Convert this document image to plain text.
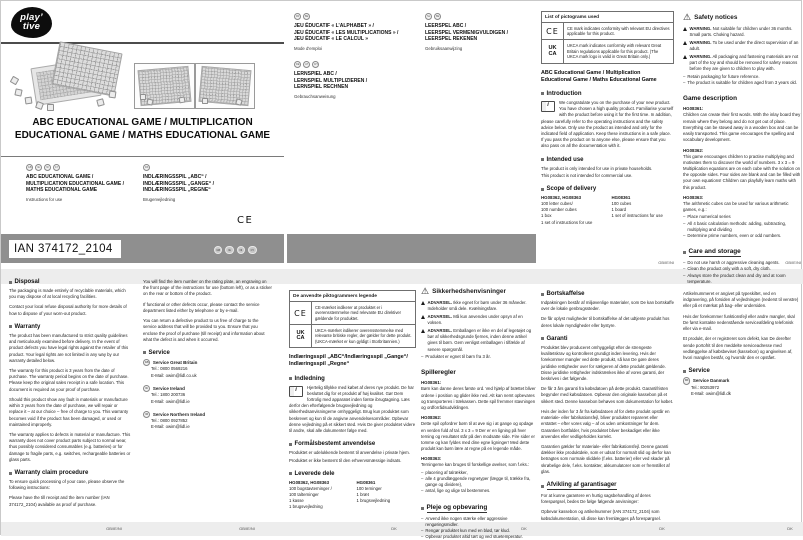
play’
tive
ABC EDUCATIONAL GAME / MULTIPLICATION
EDUCATIONAL GAME / MATHS EDUCATIONAL GAME
GB	IE	NI	CY
ABC EDUCATIONAL GAME /
MULTIPLICATION EDUCATIONAL GAME /
MATHS EDUCATIONAL GAME
Instructions for use
DK
INDLÆRINGSSPIL „ABC“ /
INDLÆRINGSSPIL „GANGE“ /
INDLÆRINGSSPIL „REGNE“
Brugervejledning
CE
IAN 374172_2104	GB	IE	NI	CY
Disposal

The packaging is made entirely of recyclable materials, which you may dispose of at local recycling facilities.

Contact your local refuse disposal authority for more details of how to dispose of your worn-out product.

Warranty

The product has been manufactured to strict quality guidelines and meticulously examined before delivery. In the event of product defects you have legal rights against the retailer of this product. Your legal rights are not limited in any way by our warranty detailed below.

The warranty for this product is 3 years from the date of purchase. The warranty period begins on the date of purchase. Please keep the original sales receipt in a safe location. This document is required as your proof of purchase.

Should this product show any fault in materials or manufacture within 3 years from the date of purchase, we will repair or replace it – at our choice – free of charge to you. This warranty becomes void if the product has been damaged, or used or maintained improperly.

The warranty applies to defects in material or manufacture. This warranty does not cover product parts subject to normal wear, thus possibly considered consumables (e.g. batteries) or for damage to fragile parts, e.g. switches, rechargeable batteries or glass parts.

Warranty claim procedure

To ensure quick processing of your case, please observe the following instructions:

Please have the till receipt and the item number (IAN 374172_2104) available as proof of purchase.

You will find the item number on the rating plate, an engraving on the front page of the instructions for use (bottom left), or as a sticker on the rear or bottom of the product.

If functional or other defects occur, please contact the service department listed either by telephone or by e-mail.

You can return a defective product to us free of charge to the service address that will be provided to you. Ensure that you enclose the proof of purchase (till receipt) and information about what the defect is and when it occurred.

Service
GB Service Great Britain
Tel.: 0800 0569216
E-Mail: owim@lidl.co.uk
IE	Service Ireland
Tel.: 1800 200736
E-Mail: owim@lidl.ie
NI	Service Northern Ireland
Tel.: 0800 0927852
E-Mail: owim@lidl.ie
FR	BE
JEU ÉDUCATIF « L’ALPHABET » /
JEU ÉDUCATIF « LES MULTIPLICATIONS » /
JEU ÉDUCATIF « LE CALCUL »
Mode d’emploi
DE	AT	CH
LERNSPIEL ABC /
LERNSPIEL MULTIPLIZIEREN /
LERNSPIEL RECHNEN
Gebrauchsanweisung
NL	BE
LEERSPEL ABC /
LEERSPEL VERMENIGVULDIGEN /
LEERSPEL REKENEN
Gebruiksaanwijzing
De anvendte piktogrammers legende
CE
CE-mærket indikerer at produktet er i overensstemmelse med relevante EU direktiver gældende for produktet.
UK
CA
UKCA-mærket indikerer overensstemmelse med relevante britiske regler, der gælder for dette produkt. (UKCA-mærket er kun gyldigt i Storbritannien.)
Indlæringsspil „ABC“/Indlæringsspil „Gange“/
Indlæringsspil „Regne“
Indledning

i
Hjertelig tillykke med købet af deres nye produkt. De har besluttet dig for et produkt af høj kvalitet. Gør Dem fortrolig med apparatet inden første ibrugtagning. Læs derfor den efterfølgende brugsvejledning og sikkerhedsanvisningerne omhyggeligt. Brug kun produktet som beskrevet og kun til de angivne anvendelsesområder. Opbevar denne vejledning på et sikkert sted. Hvis De giver produktet videre til andre, skal alle dokumenter følge med.

Formålsbestemt anvendelse

Produktet er udelukkende bestemt til anvendelse i private hjem.

Produktet er ikke bestemt til den erhvervsmæssige indsats.

Leverede dele
HG08362, HG08363
100 bogstavterninger /
100 talterninger
1 kasse
1 brugsvejledning
HG08361
100 terninger
1 bræt
1 brugsvejledning
⚠ Sikkerhedshenvisninger
ADVARSEL. Ikke egnet for børn under 36 måneder. Indeholder små dele. Kvælningsfare.
ADVARSEL. Må kun anvendes under opsyn af en voksen.
ADVARSEL. Emballagen er ikke en del af legetøjet og bør af sikkerhedsgrunde fjernes, inden denne artikel gives til børn. Gem venligst emballagen i tilfælde af senere spørgsmål.
– Produktet er egnet til børn fra 3 år.
Spilleregler
HG08361:

Børn kan danne deres første ord. Ved hjælp af brættet bliver ordene i position og glider ikke ned. Alt kan nemt opbevares og transporteres i trækassen. Dette spil fremmer stavningen og ordforrådsudviklingen.

HG08362:

Dette spil opfordrer børn til at øve sig i at gange og opdage en verden fuld af tal. 3 x 3 = 9 Der er en ligning på hver terning og resultatet står på den modsatte side. Fire sider er tomme og kan fyldes med dine egne ligninger! Med dette produkt kan børn lære at regne på en legende måde.

HG08363:

Terningerne kan bruges til forskellige øvelser, som f.eks.:

– placering af talrækker,
– alle 4 grundlæggende regnetyper (lægge til, trække fra, gange og dividere),
– antal, lige og ulige tal bestemmes.
Pleje og opbevaring
– Anvend ikke nogen stærke eller aggressive rengøringsmidler.
– Rengør produktet kun med en blød, tør klud.
– Opbevar produktet altid tørt og ved stuetemperatur.
List of pictograms used
CE	CE mark indicates conformity with relevant EU directives applicable for this product.
UK
CA
UKCA mark indicates conformity with relevant Great Britain regulations applicable for this product. (The UKCA mark logo is valid in Great Britain only.)
ABC Educational Game / Multiplication
Educational Game / Maths Educational Game
Introduction

i
We congratulate you on the purchase of your new product. You have chosen a high quality product. Familiarise yourself with the product before using it for the first time. In addition, please carefully refer to the operating instructions and the safety advice below. Only use the product as intended and only for the indicated field of application. Keep these instructions in a safe place. If you pass the product on to anyone else, please ensure that you also pass on all the documentation with it.

Intended use

The product is only intended for use in private households.

This product is not intended for commercial use.

Scope of delivery
HG08362, HG08363
100 letter cubes/
100 number cubes
1 box
1 set of instructions for use
HG08361
100 cubes
1 board
1 set of instructions for use
⚠ Safety notices
WARNING. Not suitable for children under 36 months. Small parts. Choking hazard.
WARNING. To be used under the direct supervision of an adult.
WARNING. All packaging and fastening materials are not part of the toy and should be removed for safety reasons before they are given to children to play with.
– Retain packaging for future reference.
– The product is suitable for children aged from 3 years old.
Game description
HG08361:

Children can create their first words. With the inlay board they remain where they belong and do not get out of place. Everything can be stowed away in a wooden box and can be easily transported. This game encourages the spelling and vocabulary development.

HG08362:

This game encourages children to practise multiplying and motivates them to discover the world of numbers. 3 x 3 = 9 Multiplication equations are on each cube with the solution on the opposite sides. Four sides are blank and can be filled with your own equations! Children can playfully learn maths with this product.

HG08363:

The arithmetic cubes can be used for various arithmetic games, e.g.:

– Place numerical series
– All 4 basic calculation methods: adding, subtracting, multiplying and dividing
– Determine prime numbers, even or odd numbers.
Care and storage
– Do not use harsh or aggressive cleaning agents.
– Clean the product only with a soft, dry cloth.
– Always store the product clean and dry and at room temperature.
Bortskaffelse

Indpakningen består af miljøvenlige materialer, som De kan bortskaffe over de lokale genbrugssteder.

De får oplyst muligheder til bortskaffelse af det udtjente produkt hos deres lokale myndigheder eller bystyre.

Garanti

Produktet blev produceret omhyggeligt efter de strengeste kvalitetskrav og kontrolleret grundigt inden levering. Hvis der forekommer mangler ved dette produkt, så kan De gøre deres juridiske rettigheder over for sælgeren af dette produkt gældende. Disse juridiske rettigheder indskrænkes ikke af vores garanti, der beskrives i det følgende.

De får 3 års garanti fra købsdatoen på dette produkt. Garantifristen begynder med købsdatoen. Opbevar den originale kassebon på et sikkert sted. Denne kassebon behøves som dokumentation for købet.

Hvis der inden for 3 år fra købsdatoen af for dette produkt opstår en materiale- eller fabrikationsfejl, bliver produktet repareret eller erstattet – efter vores valg – af os uden omkostninger for dem. Garantien bortfalder, hvis produktet bliver beskadiget eller ikke anvendes eller vedligeholdes korrekt.

Garantien gælder for materiale- eller fabrikationsfejl. Denne garanti dækker ikke produktdele, som er udsat for normalt slid og derfor kan betragtes som normale sliddele (f.eks. batterier) eller ved skader på skrøbelige dele, f.eks. kontakter, akkumulatorer som er fremstillet af glas.

Afvikling af garantisager

For at kunne garantere en hurtig sagsbehandling af deres forespørgsel, bedes De følge følgende anvisninger:

Opbevar kassebon og artikelnummer (IAN 374172_2104) som købsdokumentation, så disse kan fremlægges på forespørgsel.

Artikelnummeret er angivet på typeskiltet, ved en indgravering, på forsiden af vejledningen (nederst til venstre) eller på et mærkat på bag- eller undersiden.

Hvis der forekommer funktionsfejl eller andre mangler, skal De først kontakte nedenstående serviceafdeling telefonisk eller via e-mail.

Et produkt, der er registreret som defekt, kan De derefter sende portofrit til den meddelte serviceadresse med vedlæggelse af købsbeviset (kassebon) og angivelsen af, hvori manglen består, og hvornår den er opstået.

Service
DK Service Danmark
Tel.: 80253972
E-Mail: owim@lidl.dk
GB/IE/NI	GB/IE/NI
GB/IE/NI	GB/IE/NI	DK	DK	DK	DK
